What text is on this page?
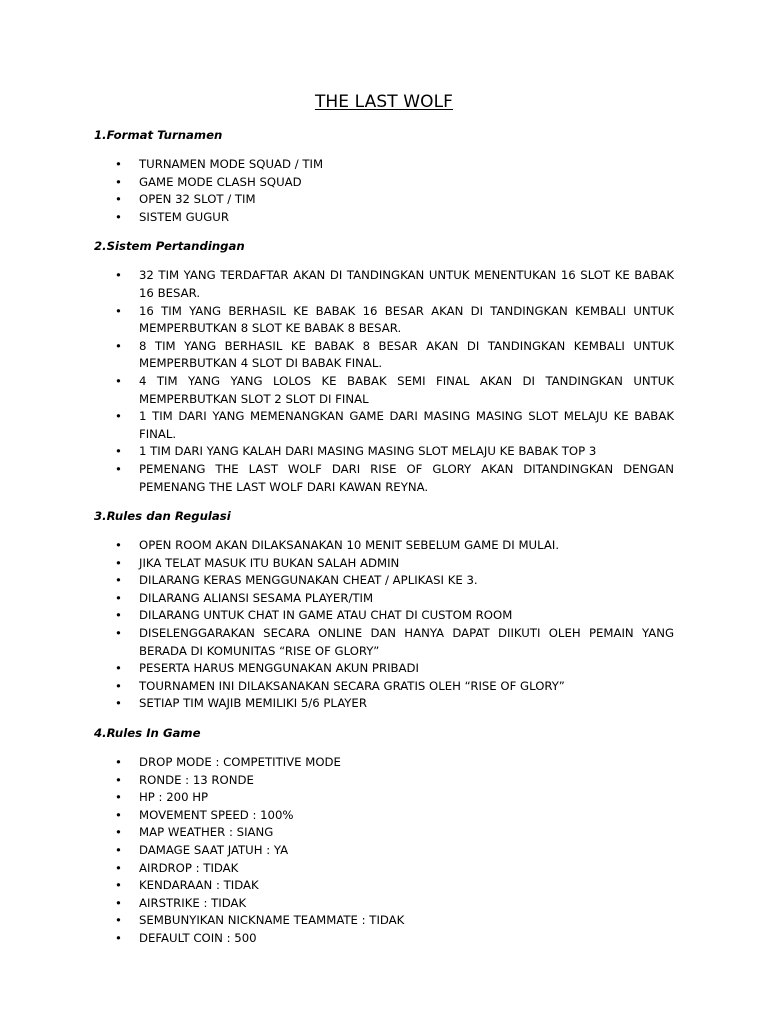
THE LAST WOLF
1.Format Turnamen
• TURNAMEN MODE SQUAD / TIM
• GAME MODE CLASH SQUAD
• OPEN 32 SLOT / TIM
• SISTEM GUGUR
2.Sistem Pertandingan
• 32 TIM YANG TERDAFTAR AKAN DI TANDINGKAN UNTUK MENENTUKAN 16 SLOT KE BABAK 16 BESAR.
• 16 TIM YANG BERHASIL KE BABAK 16 BESAR AKAN DI TANDINGKAN KEMBALI UNTUK MEMPERBUTKAN 8 SLOT KE BABAK 8 BESAR.
• 8 TIM YANG BERHASIL KE BABAK 8 BESAR AKAN DI TANDINGKAN KEMBALI UNTUK MEMPERBUTKAN 4 SLOT DI BABAK FINAL.
• 4 TIM YANG YANG LOLOS KE BABAK SEMI FINAL AKAN DI TANDINGKAN UNTUK MEMPERBUTKAN SLOT 2 SLOT DI FINAL
• 1 TIM DARI YANG MEMENANGKAN GAME DARI MASING MASING SLOT MELAJU KE BABAK FINAL.
• 1 TIM DARI YANG KALAH DARI MASING MASING SLOT MELAJU KE BABAK TOP 3
• PEMENANG THE LAST WOLF DARI RISE OF GLORY AKAN DITANDINGKAN DENGAN PEMENANG THE LAST WOLF DARI KAWAN REYNA.
3.Rules dan Regulasi
• OPEN ROOM AKAN DILAKSANAKAN 10 MENIT SEBELUM GAME DI MULAI.
• JIKA TELAT MASUK ITU BUKAN SALAH ADMIN
• DILARANG KERAS MENGGUNAKAN CHEAT / APLIKASI KE 3.
• DILARANG ALIANSI SESAMA PLAYER/TIM
• DILARANG UNTUK CHAT IN GAME ATAU CHAT DI CUSTOM ROOM
• DISELENGGARAKAN SECARA ONLINE DAN HANYA DAPAT DIIKUTI OLEH PEMAIN YANG BERADA DI KOMUNITAS “RISE OF GLORY”
• PESERTA HARUS MENGGUNAKAN AKUN PRIBADI
• TOURNAMEN INI DILAKSANAKAN SECARA GRATIS OLEH “RISE OF GLORY”
• SETIAP TIM WAJIB MEMILIKI 5/6 PLAYER
4.Rules In Game
• DROP MODE : COMPETITIVE MODE
• RONDE : 13 RONDE
• HP : 200 HP
• MOVEMENT SPEED : 100%
• MAP WEATHER : SIANG
• DAMAGE SAAT JATUH : YA
• AIRDROP : TIDAK
• KENDARAAN : TIDAK
• AIRSTRIKE : TIDAK
• SEMBUNYIKAN NICKNAME TEAMMATE : TIDAK
• DEFAULT COIN : 500
